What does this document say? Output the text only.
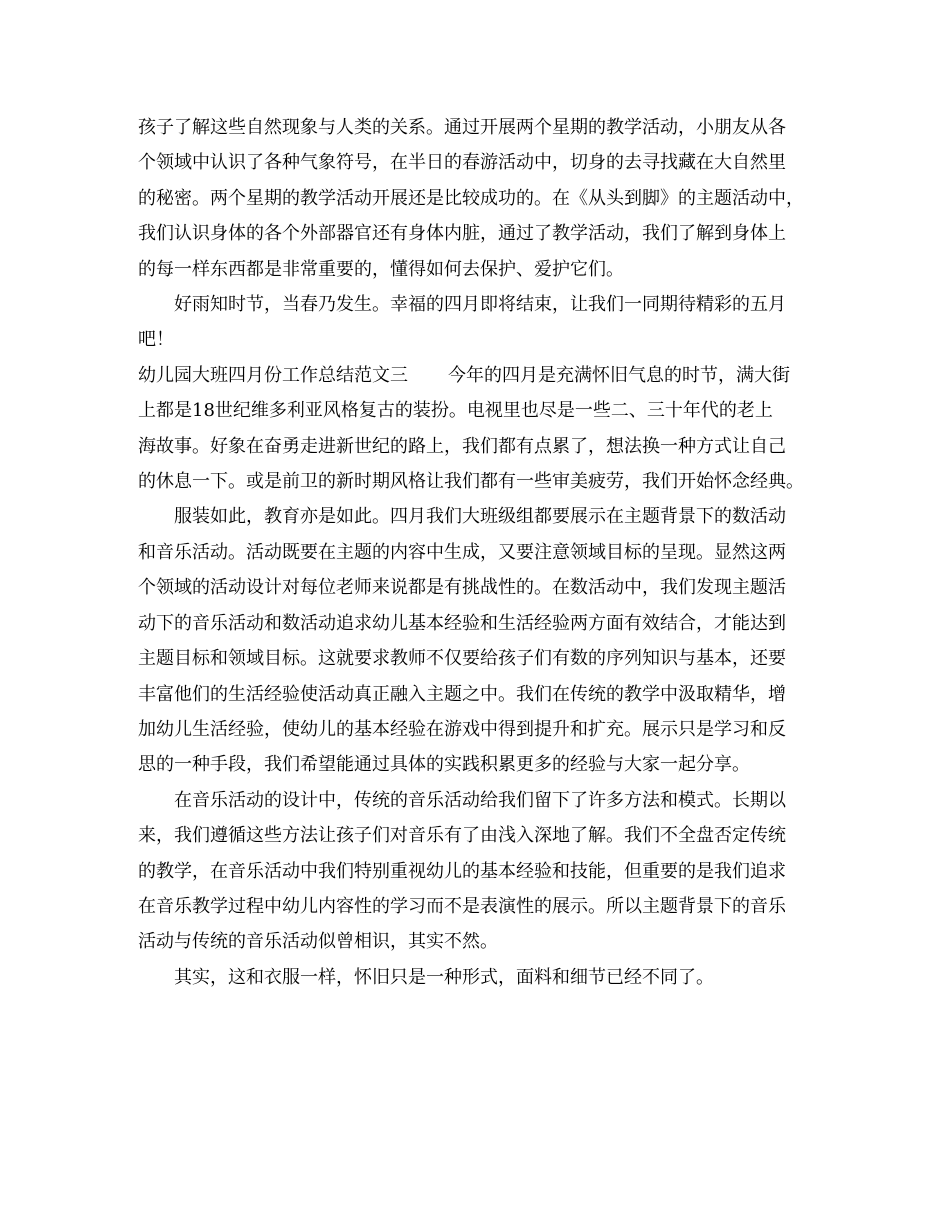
孩子了解这些自然现象与人类的关系。通过开展两个星期的教学活动，小朋友从各
个领域中认识了各种气象符号，在半日的春游活动中，切身的去寻找藏在大自然里
的秘密。两个星期的教学活动开展还是比较成功的。在《从头到脚》的主题活动中，
我们认识身体的各个外部器官还有身体内脏，通过了教学活动，我们了解到身体上
的每一样东西都是非常重要的，懂得如何去保护、爱护它们。

好雨知时节，当春乃发生。幸福的四月即将结束，让我们一同期待精彩的五月
吧！

幼儿园大班四月份工作总结范文三 今年的四月是充满怀旧气息的时节，满大街
上都是18世纪维多利亚风格复古的装扮。电视里也尽是一些二、三十年代的老上
海故事。好象在奋勇走进新世纪的路上，我们都有点累了，想法换一种方式让自己
的休息一下。或是前卫的新时期风格让我们都有一些审美疲劳，我们开始怀念经典。

服装如此，教育亦是如此。四月我们大班级组都要展示在主题背景下的数活动
和音乐活动。活动既要在主题的内容中生成，又要注意领域目标的呈现。显然这两
个领域的活动设计对每位老师来说都是有挑战性的。在数活动中，我们发现主题活
动下的音乐活动和数活动追求幼儿基本经验和生活经验两方面有效结合，才能达到
主题目标和领域目标。这就要求教师不仅要给孩子们有数的序列知识与基本，还要
丰富他们的生活经验使活动真正融入主题之中。我们在传统的教学中汲取精华，增
加幼儿生活经验，使幼儿的基本经验在游戏中得到提升和扩充。展示只是学习和反
思的一种手段，我们希望能通过具体的实践积累更多的经验与大家一起分享。

在音乐活动的设计中，传统的音乐活动给我们留下了许多方法和模式。长期以
来，我们遵循这些方法让孩子们对音乐有了由浅入深地了解。我们不全盘否定传统
的教学，在音乐活动中我们特别重视幼儿的基本经验和技能，但重要的是我们追求
在音乐教学过程中幼儿内容性的学习而不是表演性的展示。所以主题背景下的音乐
活动与传统的音乐活动似曾相识，其实不然。

其实，这和衣服一样，怀旧只是一种形式，面料和细节已经不同了。
